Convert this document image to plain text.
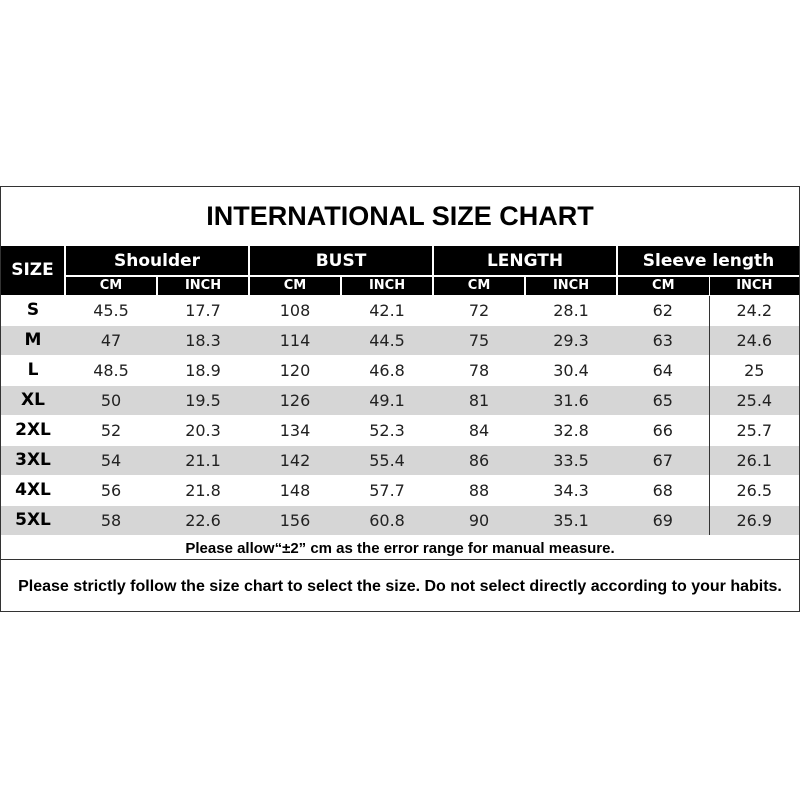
INTERNATIONAL SIZE CHART
SIZE	Shoulder		BUST		LENGTH		Sleeve length	
	CM	INCH	CM	INCH	CM	INCH	CM	INCH
S	45.5	17.7	108	42.1	72	28.1	62	24.2
M	47	18.3	114	44.5	75	29.3	63	24.6
L	48.5	18.9	120	46.8	78	30.4	64	25
XL	50	19.5	126	49.1	81	31.6	65	25.4
2XL	52	20.3	134	52.3	84	32.8	66	25.7
3XL	54	21.1	142	55.4	86	33.5	67	26.1
4XL	56	21.8	148	57.7	88	34.3	68	26.5
5XL	58	22.6	156	60.8	90	35.1	69	26.9
Please allow“±2” cm as the error range for manual measure.
Please strictly follow the size chart to select the size. Do not select directly according to your habits.
